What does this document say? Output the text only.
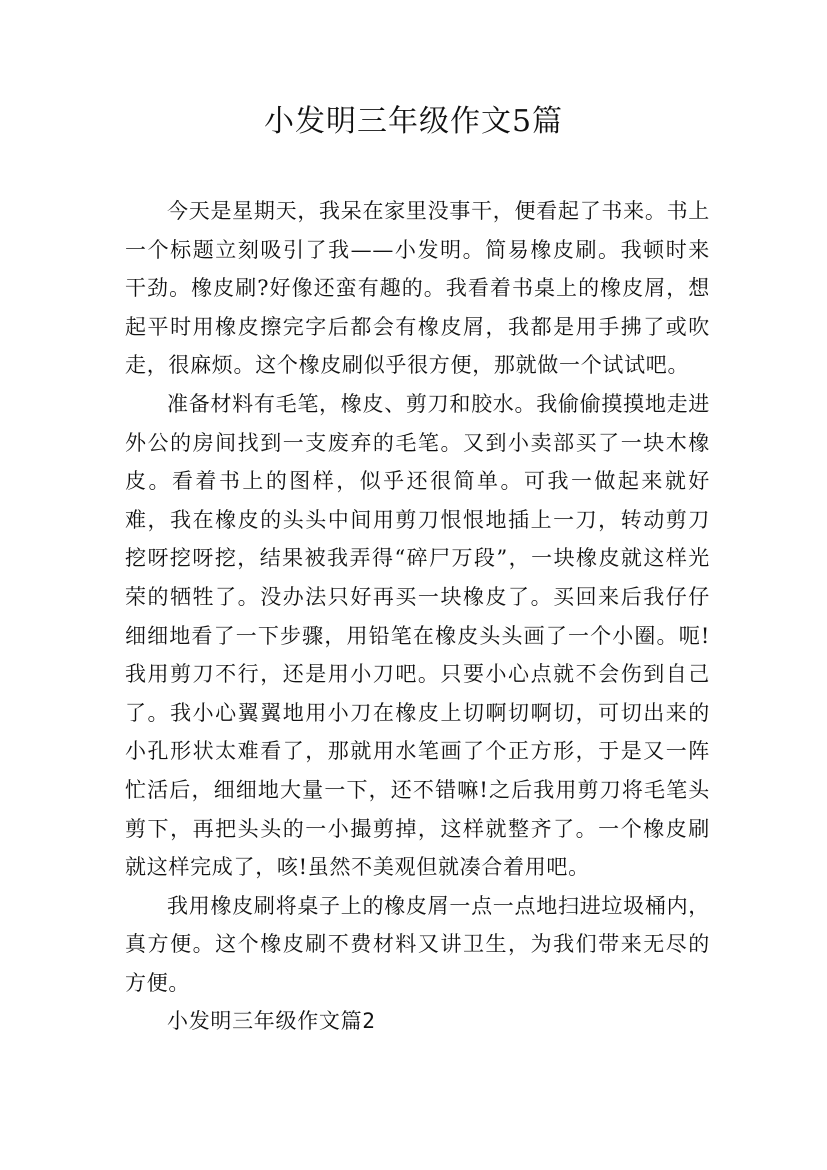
小发明三年级作文5篇

今天是星期天，我呆在家里没事干，便看起了书来。书上一个标题立刻吸引了我——小发明。简易橡皮刷。我顿时来干劲。橡皮刷?好像还蛮有趣的。我看着书桌上的橡皮屑，想起平时用橡皮擦完字后都会有橡皮屑，我都是用手拂了或吹走，很麻烦。这个橡皮刷似乎很方便，那就做一个试试吧。

准备材料有毛笔，橡皮、剪刀和胶水。我偷偷摸摸地走进外公的房间找到一支废弃的毛笔。又到小卖部买了一块木橡皮。看着书上的图样，似乎还很简单。可我一做起来就好难，我在橡皮的头头中间用剪刀恨恨地插上一刀，转动剪刀挖呀挖呀挖，结果被我弄得“碎尸万段”，一块橡皮就这样光荣的牺牲了。没办法只好再买一块橡皮了。买回来后我仔仔细细地看了一下步骤，用铅笔在橡皮头头画了一个小圈。呃!我用剪刀不行，还是用小刀吧。只要小心点就不会伤到自己了。我小心翼翼地用小刀在橡皮上切啊切啊切，可切出来的小孔形状太难看了，那就用水笔画了个正方形，于是又一阵忙活后，细细地大量一下，还不错嘛!之后我用剪刀将毛笔头剪下，再把头头的一小撮剪掉，这样就整齐了。一个橡皮刷就这样完成了，咳!虽然不美观但就凑合着用吧。

我用橡皮刷将桌子上的橡皮屑一点一点地扫进垃圾桶内，真方便。这个橡皮刷不费材料又讲卫生，为我们带来无尽的方便。

小发明三年级作文篇2
